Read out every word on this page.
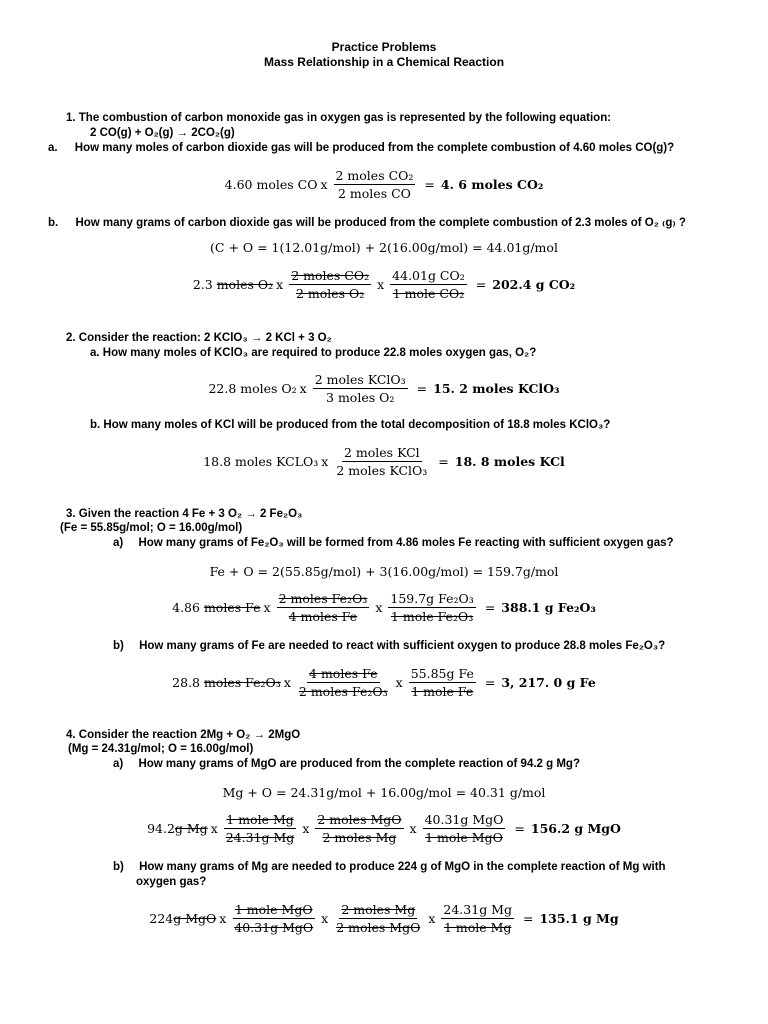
Practice Problems
Mass Relationship in a Chemical Reaction
1. The combustion of carbon monoxide gas in oxygen gas is represented by the following equation:
2 CO(g) + O₂(g) → 2CO₂(g)
a. How many moles of carbon dioxide gas will be produced from the complete combustion of 4.60 moles CO(g)?
4.60 moles CO x $\frac{\text{2 moles CO₂}}{\text{2 moles CO}} = 4$. 6 moles CO₂
b. How many grams of carbon dioxide gas will be produced from the complete combustion of 2.3 moles of O₂ ₍g₎ ?
(C + O = 1(12.01g/mol) + 2(16.00g/mol) = 44.01g/mol
2.3
moles O₂ x $\frac{\text{2 moles CO₂}}{\text{2 moles O₂}}$ x $\frac{\text{44.01g CO₂}}{\text{1 mole CO₂}} = 202.4$ g CO₂
2. Consider the reaction: 2 KClO₃ → 2 KCl + 3 O₂
a. How many moles of KClO₃ are required to produce 22.8 moles oxygen gas, O₂?
22.8 moles O₂ x $\frac{\text{2 moles KClO₃}}{\text{3 moles O₂}} = 15$. 2 moles KClO₃
b. How many moles of KCl will be produced from the total decomposition of 18.8 moles KClO₃?
18.8 moles KCLO₃ x $\frac{\text{2 moles KCl}}{\text{2 moles KClO₃}} = 18$. 8 moles KCl
3. Given the reaction 4 Fe + 3 O₂ → 2 Fe₂O₃
(Fe = 55.85g/mol; O = 16.00g/mol)
a) How many grams of Fe₂O₃ will be formed from 4.86 moles Fe reacting with sufficient oxygen gas?
Fe + O = 2(55.85g/mol) + 3(16.00g/mol) = 159.7g/mol
4.86
moles Fe x $\frac{\text{2 moles Fe₂O₃}}{\text{4 moles Fe}}$ x $\frac{\text{159.7g Fe₂O₃}}{\text{1 mole Fe₂O₃}} = 388.1$ g Fe₂O₃
b) How many grams of Fe are needed to react with sufficient oxygen to produce 28.8 moles Fe₂O₃?
28.8
moles Fe₂O₃ x $\frac{\text{4 moles Fe}}{\text{2 moles Fe₂O₃}}$ x $\frac{\text{55.85g Fe}}{\text{1 mole Fe}} = 3$, 217. 0 g Fe
4. Consider the reaction 2Mg + O₂ → 2MgO
(Mg = 24.31g/mol; O = 16.00g/mol)
a) How many grams of MgO are produced from the complete reaction of 94.2 g Mg?
Mg + O = 24.31g/mol + 16.00g/mol = 40.31 g/mol
94.2 g Mg x $\frac{\text{1 mole Mg}}{\text{24.31g Mg}}$ x $\frac{\text{2 moles MgO}}{\text{2 moles Mg}}$ x $\frac{\text{40.31g MgO}}{\text{1 mole MgO}} = 156.2$ g MgO
b) How many grams of Mg are needed to produce 224 g of MgO in the complete reaction of Mg with
oxygen gas?
224 g MgO x $\frac{\text{1 mole MgO}}{\text{40.31g MgO}}$ x $\frac{\text{2 moles Mg}}{\text{2 moles MgO}}$ x $\frac{\text{24.31g Mg}}{\text{1 mole Mg}} = 135.1$ g Mg
